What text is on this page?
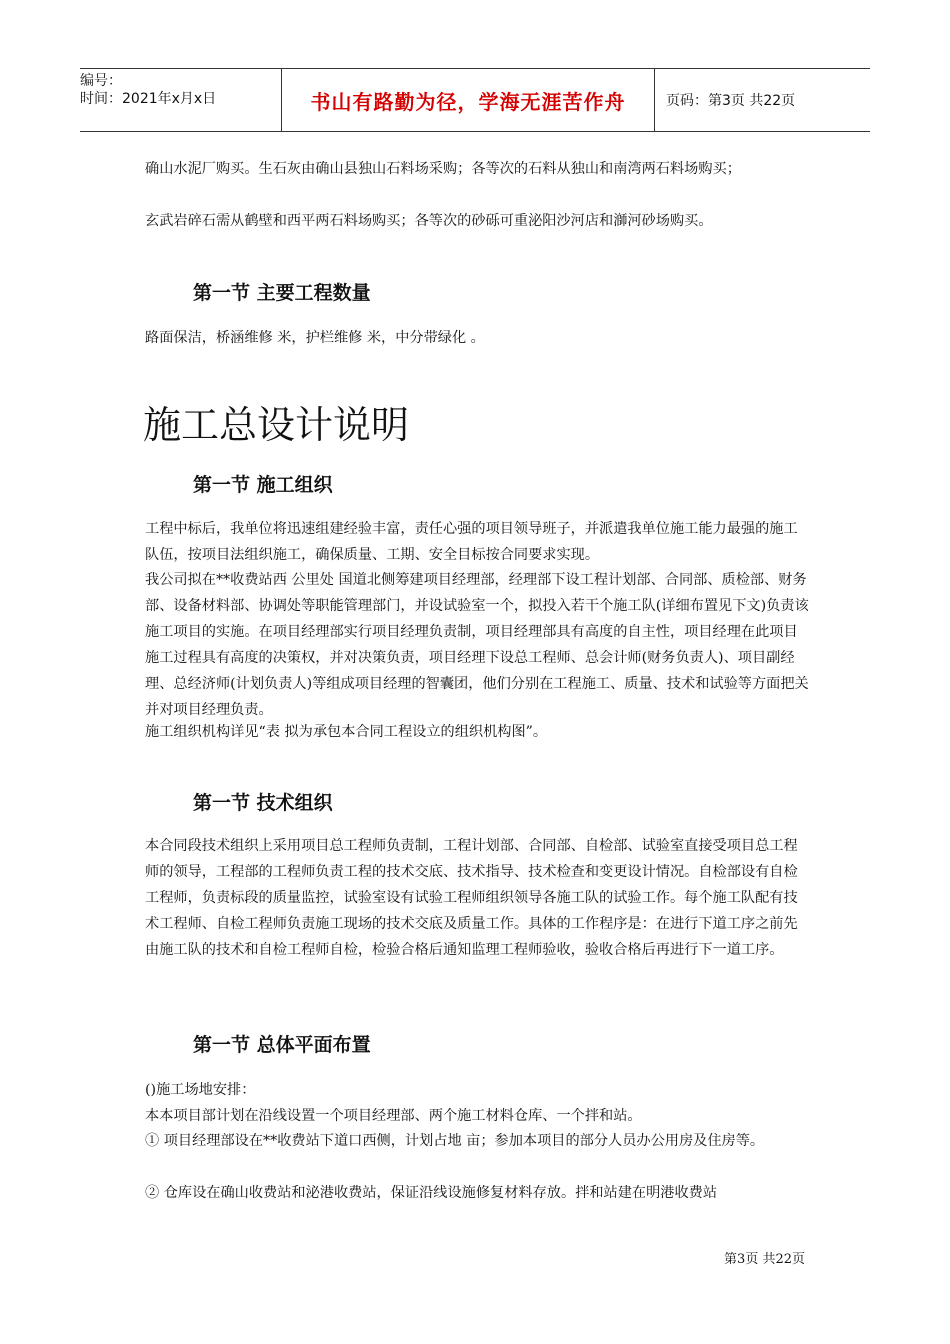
编号：
时间：2021年x月x日	书山有路勤为径，学海无涯苦作舟	页码：第3页 共22页

确山水泥厂购买。生石灰由确山县独山石料场采购；各等次的石料从独山和南湾两石料场购买；

玄武岩碎石需从鹤壁和西平两石料场购买；各等次的砂砾可重泌阳沙河店和溮河砂场购买。

第一节 主要工程数量

路面保洁，桥涵维修 米，护栏维修 米，中分带绿化 。

施工总设计说明
第一节 施工组织

工程中标后，我单位将迅速组建经验丰富，责任心强的项目领导班子，并派遣我单位施工能力最强的施工队伍，按项目法组织施工，确保质量、工期、安全目标按合同要求实现。

我公司拟在**收费站西 公里处 国道北侧筹建项目经理部，经理部下设工程计划部、合同部、质检部、财务部、设备材料部、协调处等职能管理部门，并设试验室一个，拟投入若干个施工队(详细布置见下文)负责该施工项目的实施。在项目经理部实行项目经理负责制，项目经理部具有高度的自主性，项目经理在此项目施工过程具有高度的决策权，并对决策负责，项目经理下设总工程师、总会计师(财务负责人)、项目副经理、总经济师(计划负责人)等组成项目经理的智囊团，他们分别在工程施工、质量、技术和试验等方面把关并对项目经理负责。

施工组织机构详见“表 拟为承包本合同工程设立的组织机构图”。

第一节 技术组织

本合同段技术组织上采用项目总工程师负责制，工程计划部、合同部、自检部、试验室直接受项目总工程师的领导，工程部的工程师负责工程的技术交底、技术指导、技术检查和变更设计情况。自检部设有自检工程师，负责标段的质量监控，试验室设有试验工程师组织领导各施工队的试验工作。每个施工队配有技术工程师、自检工程师负责施工现场的技术交底及质量工作。具体的工作程序是：在进行下道工序之前先由施工队的技术和自检工程师自检，检验合格后通知监理工程师验收，验收合格后再进行下一道工序。

第一节 总体平面布置

()施工场地安排：

本本项目部计划在沿线设置一个项目经理部、两个施工材料仓库、一个拌和站。

① 项目经理部设在**收费站下道口西侧，计划占地 亩；参加本项目的部分人员办公用房及住房等。

② 仓库设在确山收费站和泌港收费站，保证沿线设施修复材料存放。拌和站建在明港收费站

第3页 共22页
